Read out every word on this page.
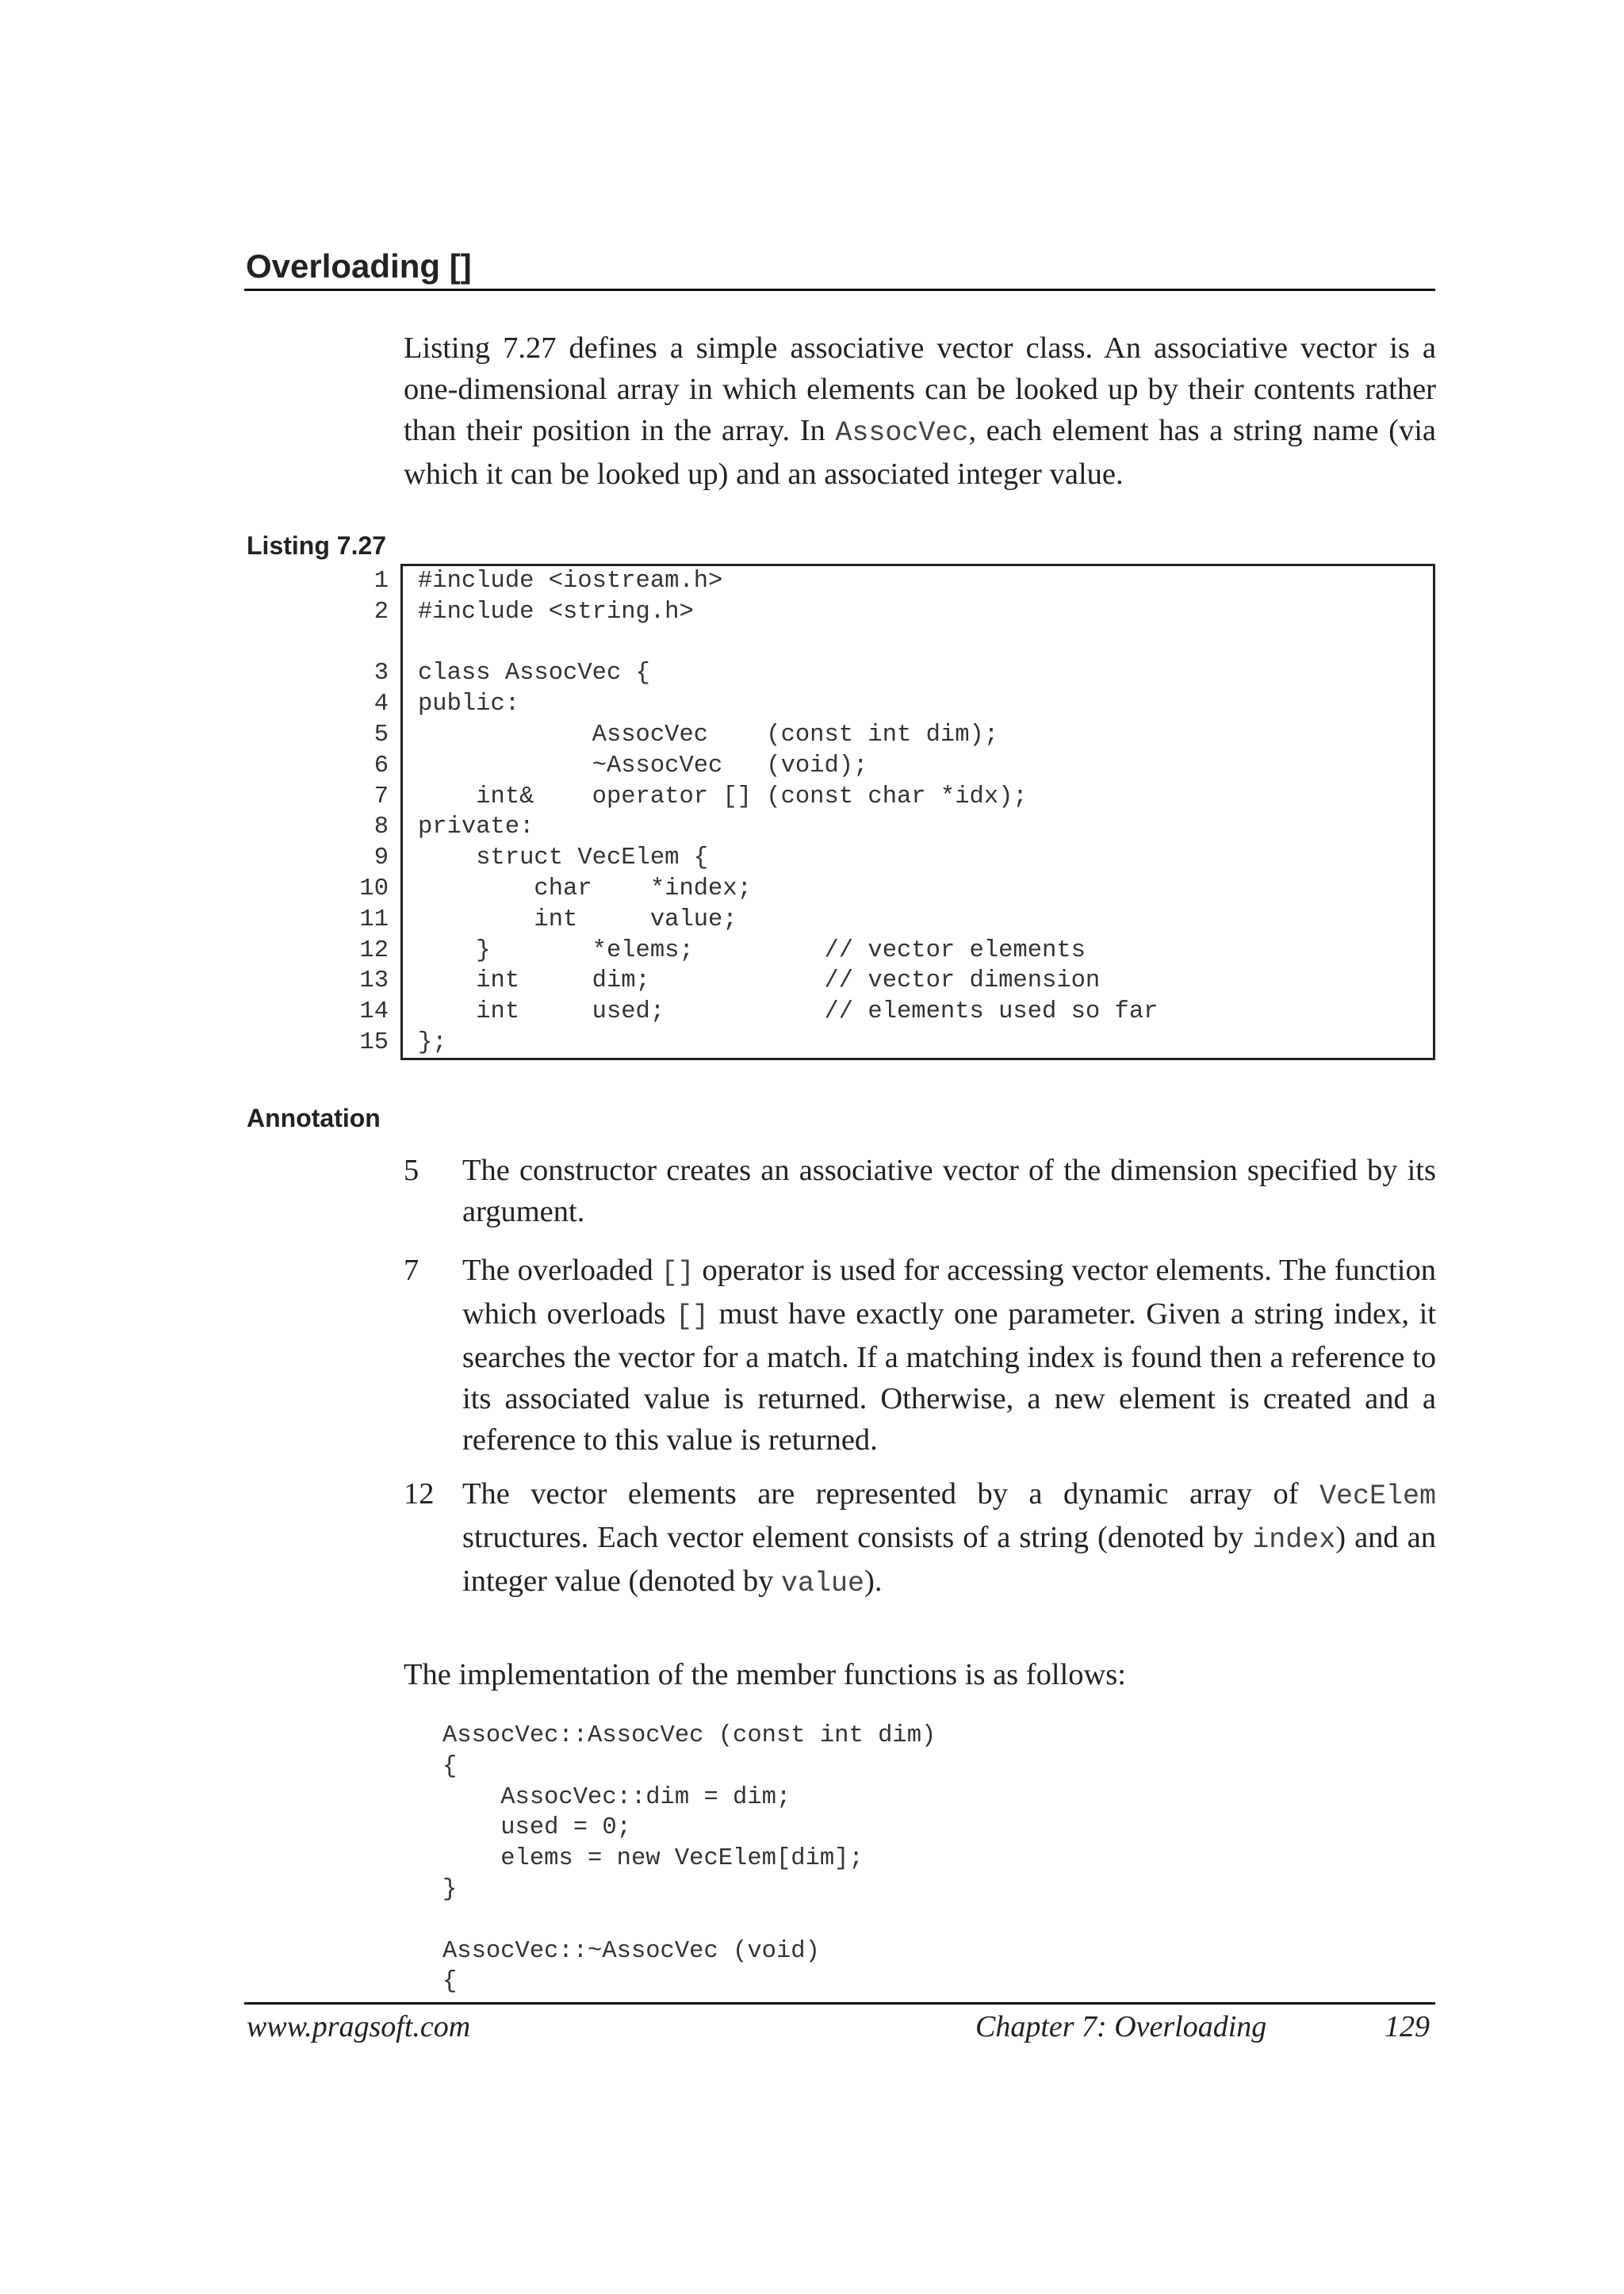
Overloading []
Listing 7.27 defines a simple associative vector class. An associative vector is a one-dimensional array in which elements can be looked up by their contents rather than their position in the array. In AssocVec, each element has a string name (via which it can be looked up) and an associated integer value.
Listing 7.27
1
2

3
4
5
6
7
8
9
10
11
12
13
14
15
#include <iostream.h>
#include <string.h>

class AssocVec {
public:
AssocVec    (const int dim);
~AssocVec   (void);
int&    operator [] (const char *idx);
private:
struct VecElem {
char    *index;
int     value;
}       *elems;         // vector elements
int     dim;            // vector dimension
int     used;           // elements used so far
};
Annotation
5 The constructor creates an associative vector of the dimension specified by its argument.
7 The overloaded [] operator is used for accessing vector elements. The function which overloads [] must have exactly one parameter. Given a string index, it searches the vector for a match. If a matching index is found then a reference to its associated value is returned. Otherwise, a new element is created and a reference to this value is returned.
12 The vector elements are represented by a dynamic array of VecElem structures. Each vector element consists of a string (denoted by index) and an integer value (denoted by value).
The implementation of the member functions is as follows:
AssocVec::AssocVec (const int dim)
{
AssocVec::dim = dim;
used = 0;
elems = new VecElem[dim];
}

AssocVec::~AssocVec (void)
{
www.pragsoft.com	Chapter 7: Overloading	129
